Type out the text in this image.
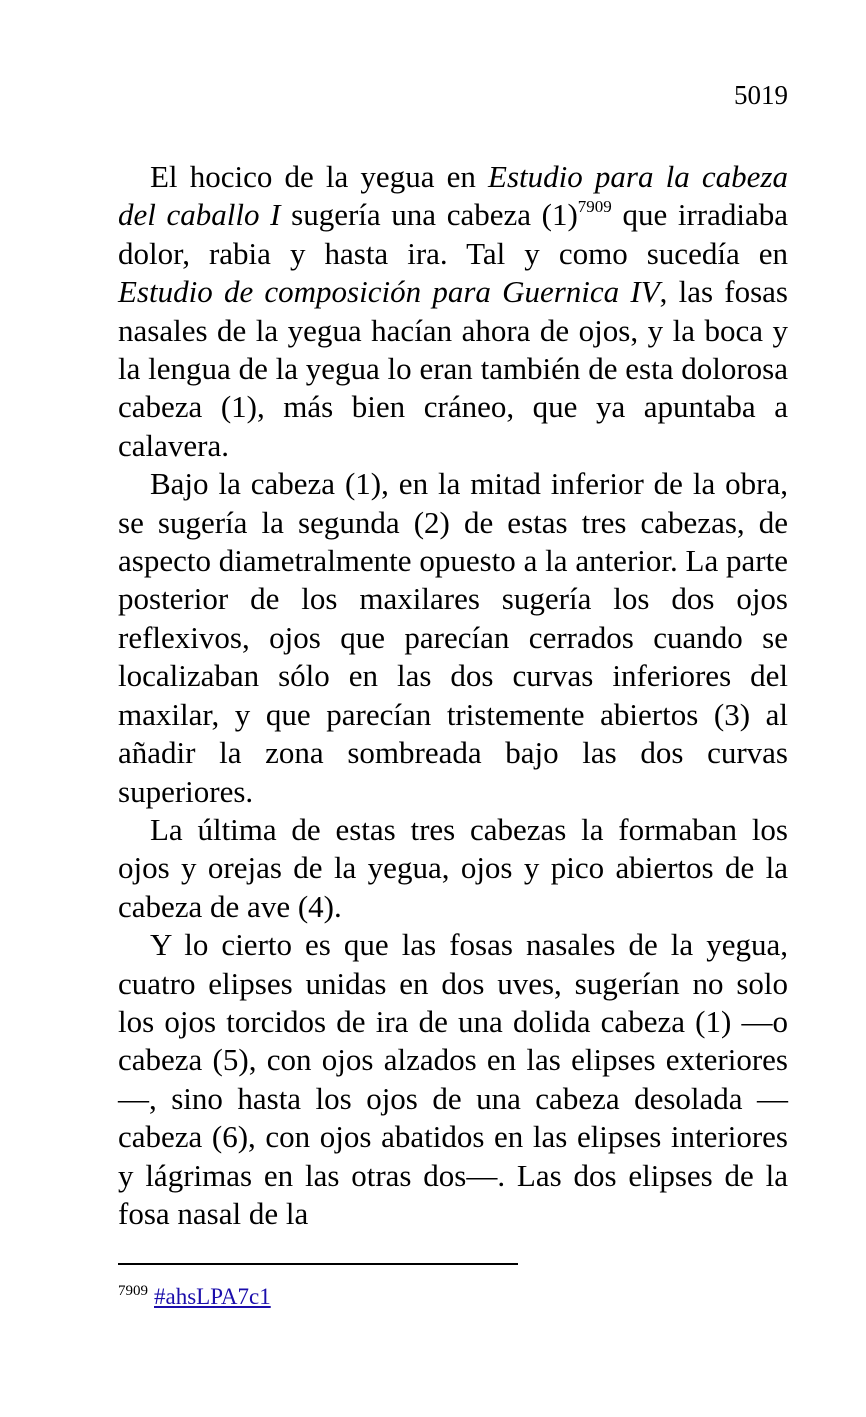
5019

El hocico de la yegua en Estudio para la cabeza del caballo I sugería una cabeza $(1)^{7909}$ que irradiaba dolor, rabia y hasta ira. Tal y como sucedía en Estudio de composición para Guernica IV, las fosas nasales de la yegua hacían ahora de ojos, y la boca y la lengua de la yegua lo eran también de esta dolorosa cabeza (1), más bien cráneo, que ya apuntaba a calavera.

Bajo la cabeza (1), en la mitad inferior de la obra, se sugería la segunda (2) de estas tres cabezas, de aspecto diametralmente opuesto a la anterior. La parte posterior de los maxilares sugería los dos ojos reflexivos, ojos que parecían cerrados cuando se localizaban sólo en las dos curvas inferiores del maxilar, y que parecían tristemente abiertos (3) al añadir la zona sombreada bajo las dos curvas superiores.

La última de estas tres cabezas la formaban los ojos y orejas de la yegua, ojos y pico abiertos de la cabeza de ave (4).

Y lo cierto es que las fosas nasales de la yegua, cuatro elipses unidas en dos uves, sugerían no solo los ojos torcidos de ira de una dolida cabeza (1) —o cabeza (5), con ojos alzados en las elipses exteriores—, sino hasta los ojos de una cabeza desolada —cabeza (6), con ojos abatidos en las elipses interiores y lágrimas en las otras dos—. Las dos elipses de la fosa nasal de la

$^{7909}$ #ahsLPA7c1
